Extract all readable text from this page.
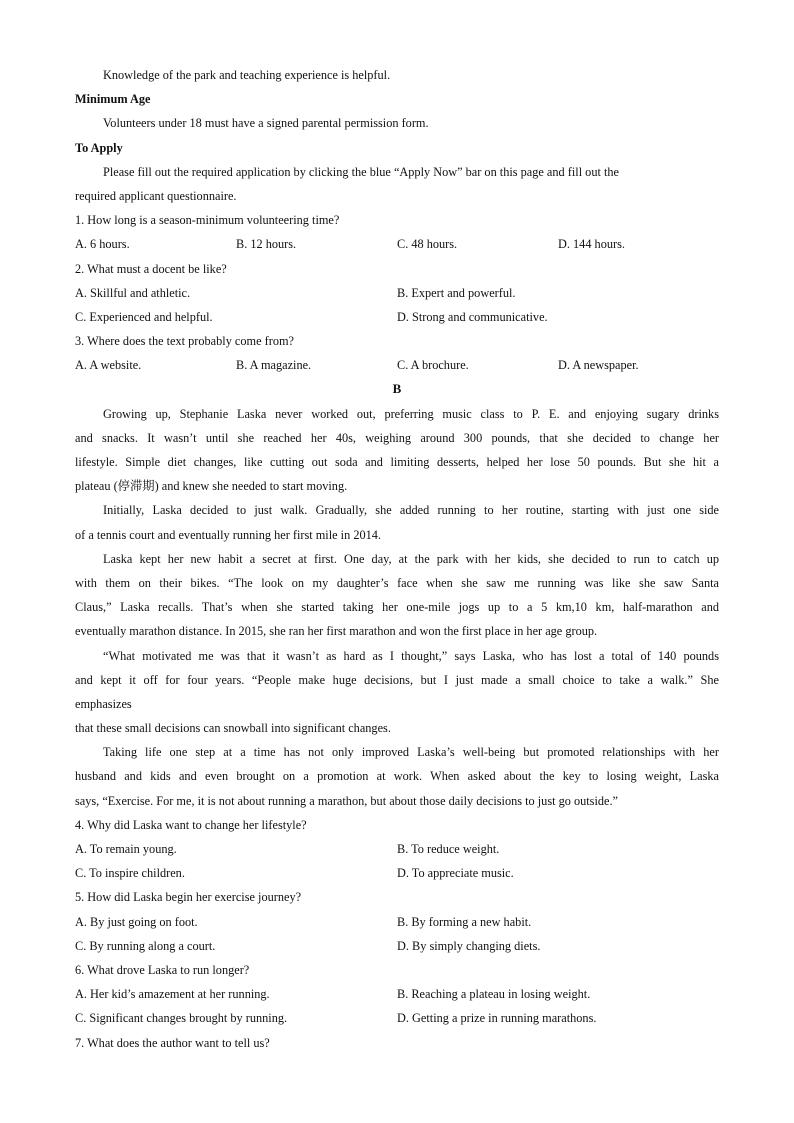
Knowledge of the park and teaching experience is helpful.
Minimum Age
Volunteers under 18 must have a signed parental permission form.
To Apply
Please fill out the required application by clicking the blue “Apply Now” bar on this page and fill out the
required applicant questionnaire.
1. How long is a season-minimum volunteering time?
A. 6 hours.	B. 12 hours.	C. 48 hours.	D. 144 hours.
2. What must a docent be like?
A. Skillful and athletic.	B. Expert and powerful.
C. Experienced and helpful.	D. Strong and communicative.
3. Where does the text probably come from?
A. A website.	B. A magazine.	C. A brochure.	D. A newspaper.
B
Growing up, Stephanie Laska never worked out, preferring music class to P. E. and enjoying sugary drinks
and snacks. It wasn’t until she reached her 40s, weighing around 300 pounds, that she decided to change her
lifestyle. Simple diet changes, like cutting out soda and limiting desserts, helped her lose 50 pounds. But she hit a
plateau (停滞期) and knew she needed to start moving.
Initially, Laska decided to just walk. Gradually, she added running to her routine, starting with just one side
of a tennis court and eventually running her first mile in 2014.
Laska kept her new habit a secret at first. One day, at the park with her kids, she decided to run to catch up
with them on their bikes. “The look on my daughter’s face when she saw me running was like she saw Santa
Claus,” Laska recalls. That’s when she started taking her one-mile jogs up to a 5 km,10 km, half-marathon and
eventually marathon distance. In 2015, she ran her first marathon and won the first place in her age group.
“What motivated me was that it wasn’t as hard as I thought,” says Laska, who has lost a total of 140 pounds
and kept it off for four years. “People make huge decisions, but I just made a small choice to take a walk.” She
emphasizes
that these small decisions can snowball into significant changes.
Taking life one step at a time has not only improved Laska’s well-being but promoted relationships with her
husband and kids and even brought on a promotion at work. When asked about the key to losing weight, Laska
says, “Exercise. For me, it is not about running a marathon, but about those daily decisions to just go outside.”
4. Why did Laska want to change her lifestyle?
A. To remain young.	B. To reduce weight.
C. To inspire children.	D. To appreciate music.
5. How did Laska begin her exercise journey?
A. By just going on foot.	B. By forming a new habit.
C. By running along a court.	D. By simply changing diets.
6. What drove Laska to run longer?
A. Her kid’s amazement at her running.	B. Reaching a plateau in losing weight.
C. Significant changes brought by running.	D. Getting a prize in running marathons.
7. What does the author want to tell us?
